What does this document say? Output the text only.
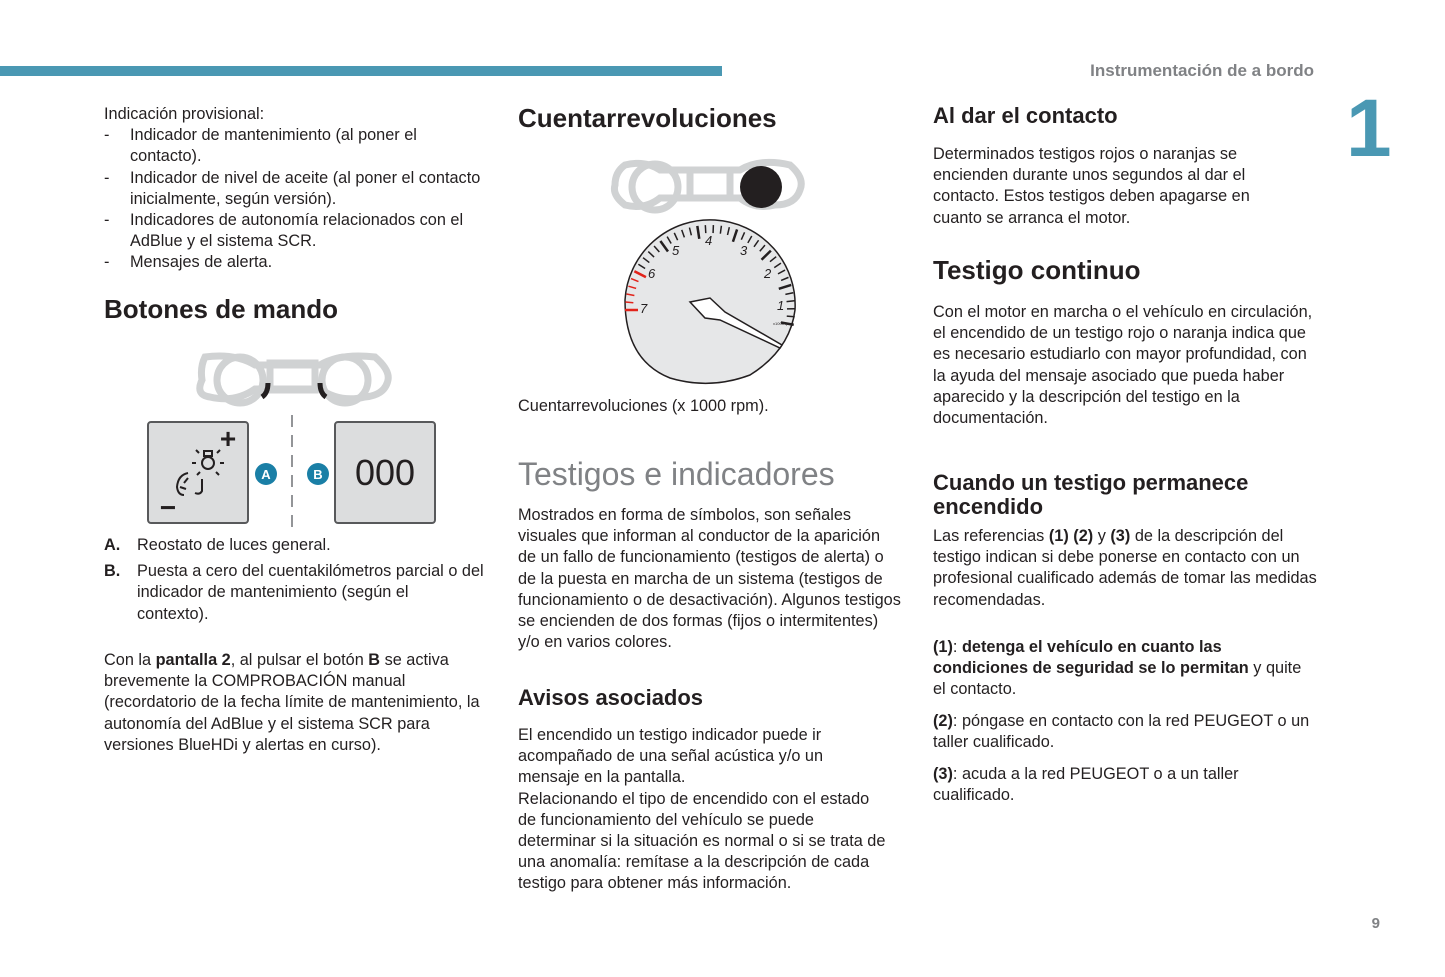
Instrumentación de a bordo
1
9

Indicación provisional:

-	Indicador de mantenimiento (al poner el contacto).
-	Indicador de nivel de aceite (al poner el contacto inicialmente, según versión).
-	Indicadores de autonomía relacionados con el AdBlue y el sistema SCR.
-	Mensajes de alerta.
Botones de mando
+
−
A	B 000
A.	Reostato de luces general.
B.	Puesta a cero del cuentakilómetros parcial o del indicador de mantenimiento (según el contexto).

Con la pantalla 2, al pulsar el botón B se activa brevemente la COMPROBACIÓN manual (recordatorio de la fecha límite de mantenimiento, la autonomía del AdBlue y el sistema SCR para versiones BlueHDi y alertas en curso).

Cuentarrevoluciones
1
2
3
4
5
6
7
x1000 rpm

Cuentarrevoluciones (x 1000 rpm).

Testigos e indicadores

Mostrados en forma de símbolos, son señales visuales que informan al conductor de la aparición de un fallo de funcionamiento (testigos de alerta) o de la puesta en marcha de un sistema (testigos de funcionamiento o de desactivación). Algunos testigos se encienden de dos formas (fijos o intermitentes) y/o en varios colores.

Avisos asociados

El encendido un testigo indicador puede ir acompañado de una señal acústica y/o un mensaje en la pantalla.

Relacionando el tipo de encendido con el estado de funcionamiento del vehículo se puede determinar si la situación es normal o si se trata de una anomalía: remítase a la descripción de cada testigo para obtener más información.

Al dar el contacto

Determinados testigos rojos o naranjas se encienden durante unos segundos al dar el contacto. Estos testigos deben apagarse en cuanto se arranca el motor.

Testigo continuo

Con el motor en marcha o el vehículo en circulación, el encendido de un testigo rojo o naranja indica que es necesario estudiarlo con mayor profundidad, con la ayuda del mensaje asociado que pueda haber aparecido y la descripción del testigo en la documentación.

Cuando un testigo permanece encendido

Las referencias (1) (2) y (3) de la descripción del testigo indican si debe ponerse en contacto con un profesional cualificado además de tomar las medidas recomendadas.

(1): detenga el vehículo en cuanto las condiciones de seguridad se lo permitan y quite el contacto.

(2): póngase en contacto con la red PEUGEOT o un taller cualificado.

(3): acuda a la red PEUGEOT o a un taller cualificado.
